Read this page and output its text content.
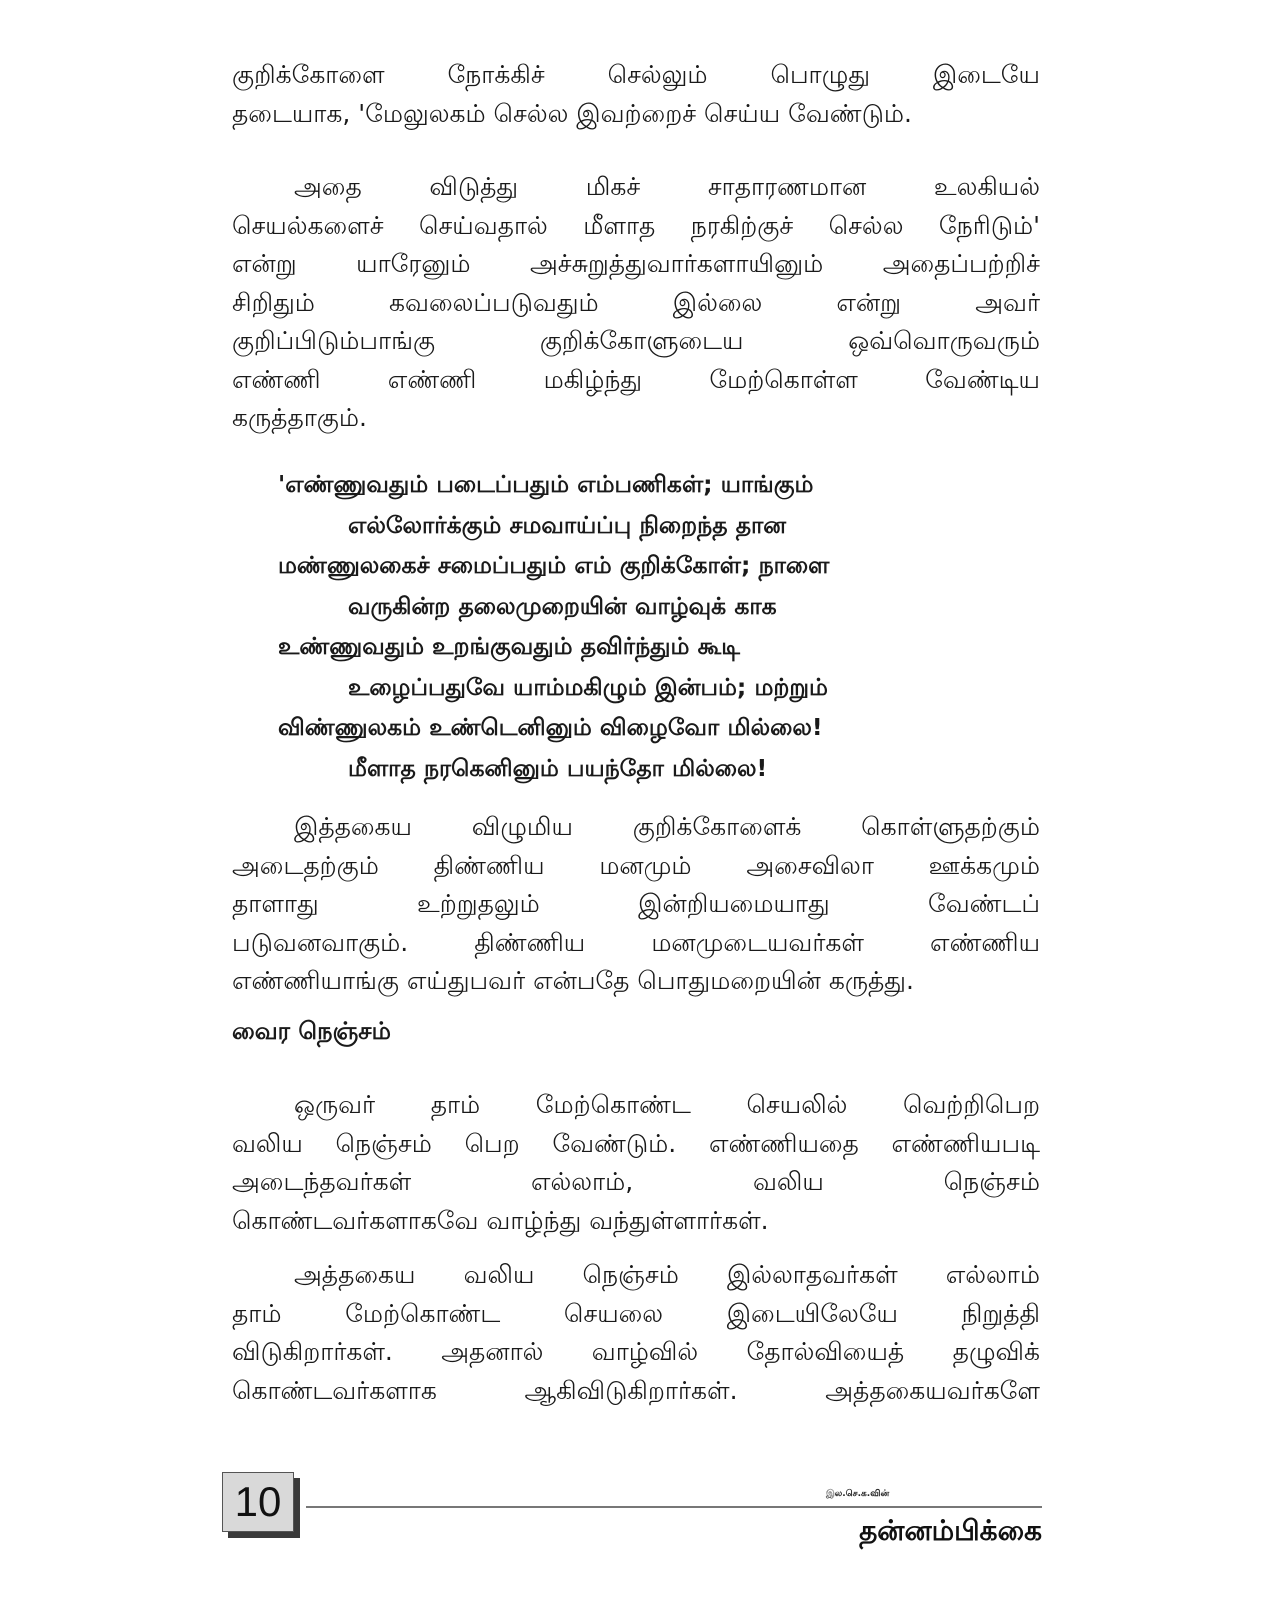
குறிக்கோளை நோக்கிச் செல்லும் பொழுது இடையே
தடையாக, 'மேலுலகம் செல்ல இவற்றைச் செய்ய வேண்டும்.

அதை விடுத்து மிகச் சாதாரணமான உலகியல்
செயல்களைச் செய்வதால் மீளாத நரகிற்குச் செல்ல நேரிடும்'
என்று யாரேனும் அச்சுறுத்துவார்களாயினும் அதைப்பற்றிச்
சிறிதும் கவலைப்படுவதும் இல்லை என்று அவர்
குறிப்பிடும்பாங்கு குறிக்கோளுடைய ஒவ்வொருவரும்
எண்ணி எண்ணி மகிழ்ந்து மேற்கொள்ள வேண்டிய
கருத்தாகும்.

'எண்ணுவதும் படைப்பதும் எம்பணிகள்; யாங்கும்
எல்லோர்க்கும் சமவாய்ப்பு நிறைந்த தான
மண்ணுலகைச் சமைப்பதும் எம் குறிக்கோள்; நாளை
வருகின்ற தலைமுறையின் வாழ்வுக் காக
உண்ணுவதும் உறங்குவதும் தவிர்ந்தும் கூடி
உழைப்பதுவே யாம்மகிழும் இன்பம்; மற்றும்
விண்ணுலகம் உண்டெனினும் விழைவோ மில்லை!
மீளாத நரகெனினும் பயந்தோ மில்லை!

இத்தகைய விழுமிய குறிக்கோளைக் கொள்ளுதற்கும்
அடைதற்கும் திண்ணிய மனமும் அசைவிலா ஊக்கமும்
தாளாது உற்றுதலும் இன்றியமையாது வேண்டப்
படுவனவாகும். திண்ணிய மனமுடையவர்கள் எண்ணிய
எண்ணியாங்கு எய்துபவர் என்பதே பொதுமறையின் கருத்து.

வைர நெஞ்சம்

ஒருவர் தாம் மேற்கொண்ட செயலில் வெற்றிபெற
வலிய நெஞ்சம் பெற வேண்டும். எண்ணியதை எண்ணியபடி
அடைந்தவர்கள் எல்லாம், வலிய நெஞ்சம்
கொண்டவர்களாகவே வாழ்ந்து வந்துள்ளார்கள்.

அத்தகைய வலிய நெஞ்சம் இல்லாதவர்கள் எல்லாம்
தாம் மேற்கொண்ட செயலை இடையிலேயே நிறுத்தி
விடுகிறார்கள். அதனால் வாழ்வில் தோல்வியைத் தழுவிக்
கொண்டவர்களாக ஆகிவிடுகிறார்கள். அத்தகையவர்களே

10	இல.செ.க.வின்
தன்னம்பிக்கை
